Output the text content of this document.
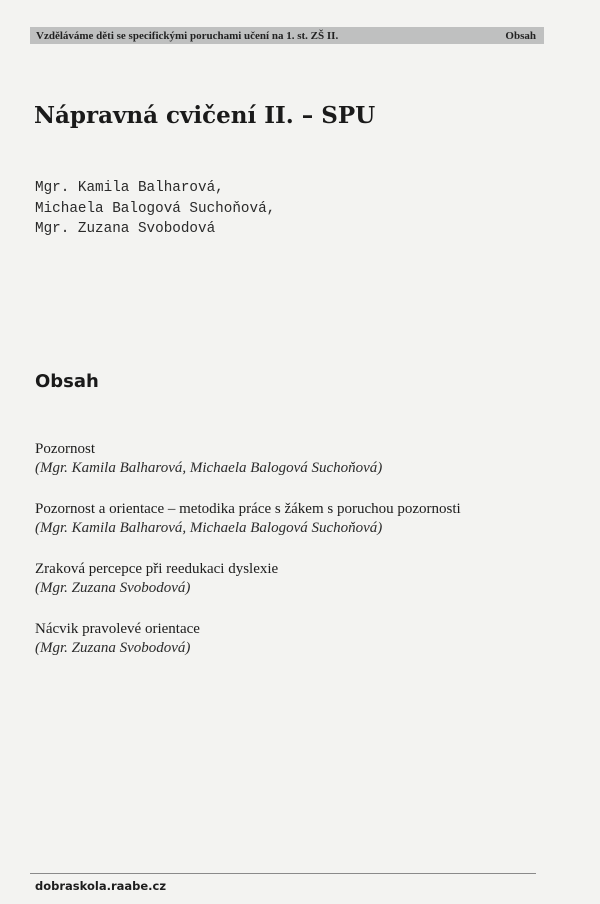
Vzděláváme děti se specifickými poruchami učení na 1. st. ZŠ II.	Obsah
Nápravná cvičení II. – SPU
Mgr. Kamila Balharová,
Michaela Balogová Suchoňová,
Mgr. Zuzana Svobodová
Obsah
Pozornost
(Mgr. Kamila Balharová, Michaela Balogová Suchoňová)
Pozornost a orientace – metodika práce s žákem s poruchou pozornosti
(Mgr. Kamila Balharová, Michaela Balogová Suchoňová)
Zraková percepce při reedukaci dyslexie
(Mgr. Zuzana Svobodová)
Nácvik pravolevé orientace
(Mgr. Zuzana Svobodová)

dobraskola.raabe.cz
